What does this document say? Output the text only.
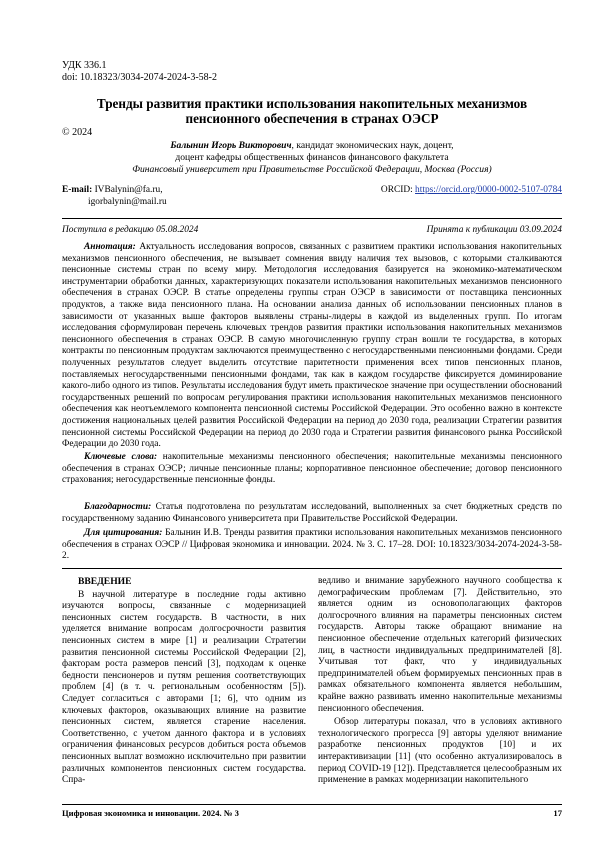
УДК 336.1
doi: 10.18323/3034-2074-2024-3-58-2
Тренды развития практики использования накопительных механизмов пенсионного обеспечения в странах ОЭСР
© 2024
Балынин Игорь Викторович, кандидат экономических наук, доцент,
доцент кафедры общественных финансов финансового факультета
Финансовый университет при Правительстве Российской Федерации, Москва (Россия)
E-mail: IVBalynin@fa.ru,
igorbalynin@mail.ru
ORCID: https://orcid.org/0000-0002-5107-0784
Поступила в редакцию 05.08.2024	Принята к публикации 03.09.2024
Аннотация: Актуальность исследования вопросов, связанных с развитием практики использования накопительных механизмов пенсионного обеспечения, не вызывает сомнения ввиду наличия тех вызовов, с которыми сталкиваются пенсионные системы стран по всему миру. Методология исследования базируется на экономико-математическом инструментарии обработки данных, характеризующих показатели использования накопительных механизмов пенсионного обеспечения в странах ОЭСР. В статье определены группы стран ОЭСР в зависимости от поставщика пенсионных продуктов, а также вида пенсионного плана. На основании анализа данных об использовании пенсионных планов в зависимости от указанных выше факторов выявлены страны-лидеры в каждой из выделенных групп. По итогам исследования сформулирован перечень ключевых трендов развития практики использования накопительных механизмов пенсионного обеспечения в странах ОЭСР. В самую многочисленную группу стран вошли те государства, в которых контракты по пенсионным продуктам заключаются преимущественно с негосударственными пенсионными фондами. Среди полученных результатов следует выделить отсутствие паритетности применения всех типов пенсионных планов, поставляемых негосударственными пенсионными фондами, так как в каждом государстве фиксируется доминирование какого-либо одного из типов. Результаты исследования будут иметь практическое значение при осуществлении обоснований государственных решений по вопросам регулирования практики использования накопительных механизмов пенсионного обеспечения как неотъемлемого компонента пенсионной системы Российской Федерации. Это особенно важно в контексте достижения национальных целей развития Российской Федерации на период до 2030 года, реализации Стратегии развития пенсионной системы Российской Федерации на период до 2030 года и Стратегии развития финансового рынка Российской Федерации до 2030 года.
Ключевые слова: накопительные механизмы пенсионного обеспечения; накопительные механизмы пенсионного обеспечения в странах ОЭСР; личные пенсионные планы; корпоративное пенсионное обеспечение; договор пенсионного страхования; негосударственные пенсионные фонды.
Благодарности: Статья подготовлена по результатам исследований, выполненных за счет бюджетных средств по государственному заданию Финансового университета при Правительстве Российской Федерации.
Для цитирования: Балынин И.В. Тренды развития практики использования накопительных механизмов пенсионного обеспечения в странах ОЭСР // Цифровая экономика и инновации. 2024. № 3. С. 17–28. DOI: 10.18323/3034-2074-2024-3-58-2.

ВВЕДЕНИЕ

В научной литературе в последние годы активно изучаются вопросы, связанные с модернизацией пенсионных систем государств. В частности, в них уделяется внимание вопросам долгосрочности развития пенсионных систем в мире [1] и реализации Стратегии развития пенсионной системы Российской Федерации [2], факторам роста размеров пенсий [3], подходам к оценке бедности пенсионеров и путям решения соответствующих проблем [4] (в т. ч. региональным особенностям [5]). Следует согласиться с авторами [1; 6], что одним из ключевых факторов, оказывающих влияние на развитие пенсионных систем, является старение населения. Соответственно, с учетом данного фактора и в условиях ограничения финансовых ресурсов добиться роста объемов пенсионных выплат возможно исключительно при развитии различных компонентов пенсионных систем государства. Спра-

ведливо и внимание зарубежного научного сообщества к демографическим проблемам [7]. Действительно, это является одним из основополагающих факторов долгосрочного влияния на параметры пенсионных систем государств. Авторы также обращают внимание на пенсионное обеспечение отдельных категорий физических лиц, в частности индивидуальных предпринимателей [8]. Учитывая тот факт, что у индивидуальных предпринимателей объем формируемых пенсионных прав в рамках обязательного компонента является небольшим, крайне важно развивать именно накопительные механизмы пенсионного обеспечения.

Обзор литературы показал, что в условиях активного технологического прогресса [9] авторы уделяют внимание разработке пенсионных продуктов [10] и их интерактивизации [11] (что особенно актуализировалось в период COVID-19 [12]). Представляется целесообразным их применение в рамках модернизации накопительного

Цифровая экономика и инновации. 2024. № 3	17
